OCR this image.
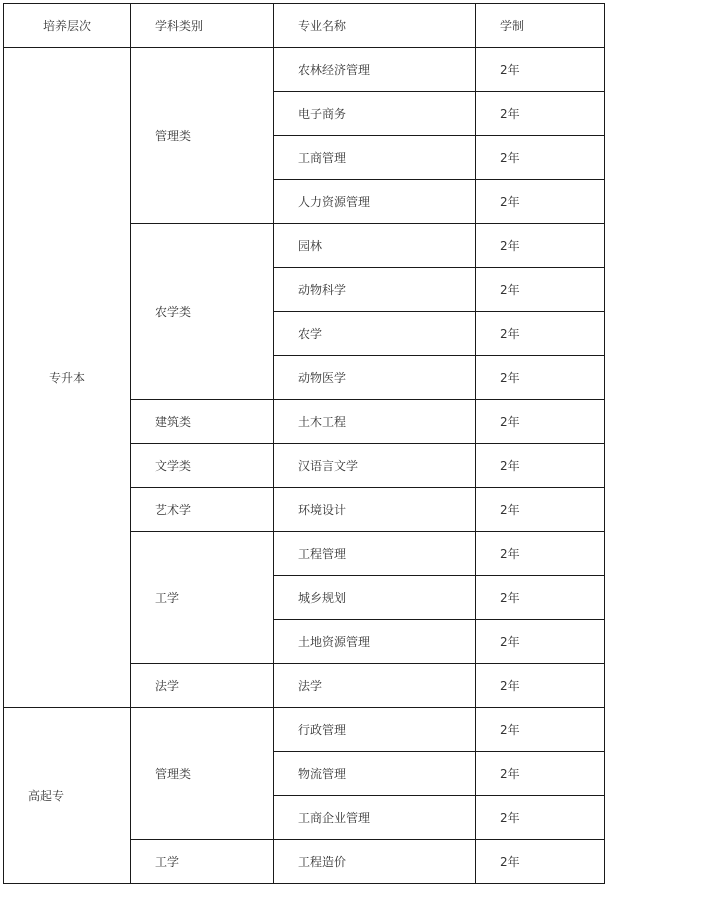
培养层次	学科类别	专业名称	学制
专升本	管理类	农林经济管理	2年
		电子商务	2年
		工商管理	2年
		人力资源管理	2年
	农学类	园林	2年
		动物科学	2年
		农学	2年
		动物医学	2年
	建筑类	土木工程	2年
	文学类	汉语言文学	2年
	艺术学	环境设计	2年
	工学	工程管理	2年
		城乡规划	2年
		土地资源管理	2年
	法学	法学	2年
高起专	管理类	行政管理	2年
		物流管理	2年
		工商企业管理	2年
	工学	工程造价	2年
